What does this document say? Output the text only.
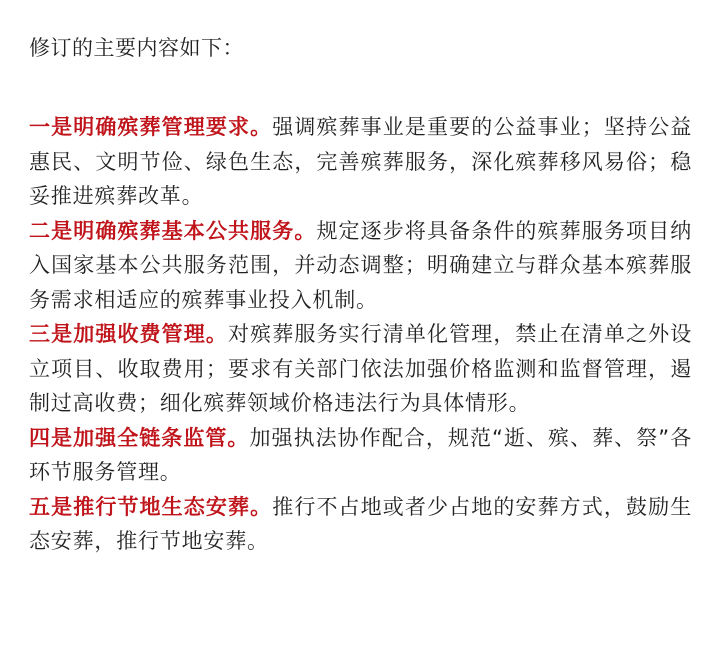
修订的主要内容如下：

一是明确殡葬管理要求。强调殡葬事业是重要的公益事业；坚持公益惠民、文明节俭、绿色生态，完善殡葬服务，深化殡葬移风易俗；稳妥推进殡葬改革。

二是明确殡葬基本公共服务。规定逐步将具备条件的殡葬服务项目纳入国家基本公共服务范围，并动态调整；明确建立与群众基本殡葬服务需求相适应的殡葬事业投入机制。

三是加强收费管理。对殡葬服务实行清单化管理，禁止在清单之外设立项目、收取费用；要求有关部门依法加强价格监测和监督管理，遏制过高收费；细化殡葬领域价格违法行为具体情形。

四是加强全链条监管。加强执法协作配合，规范“逝、殡、葬、祭”各环节服务管理。

五是推行节地生态安葬。推行不占地或者少占地的安葬方式，鼓励生态安葬，推行节地安葬。
